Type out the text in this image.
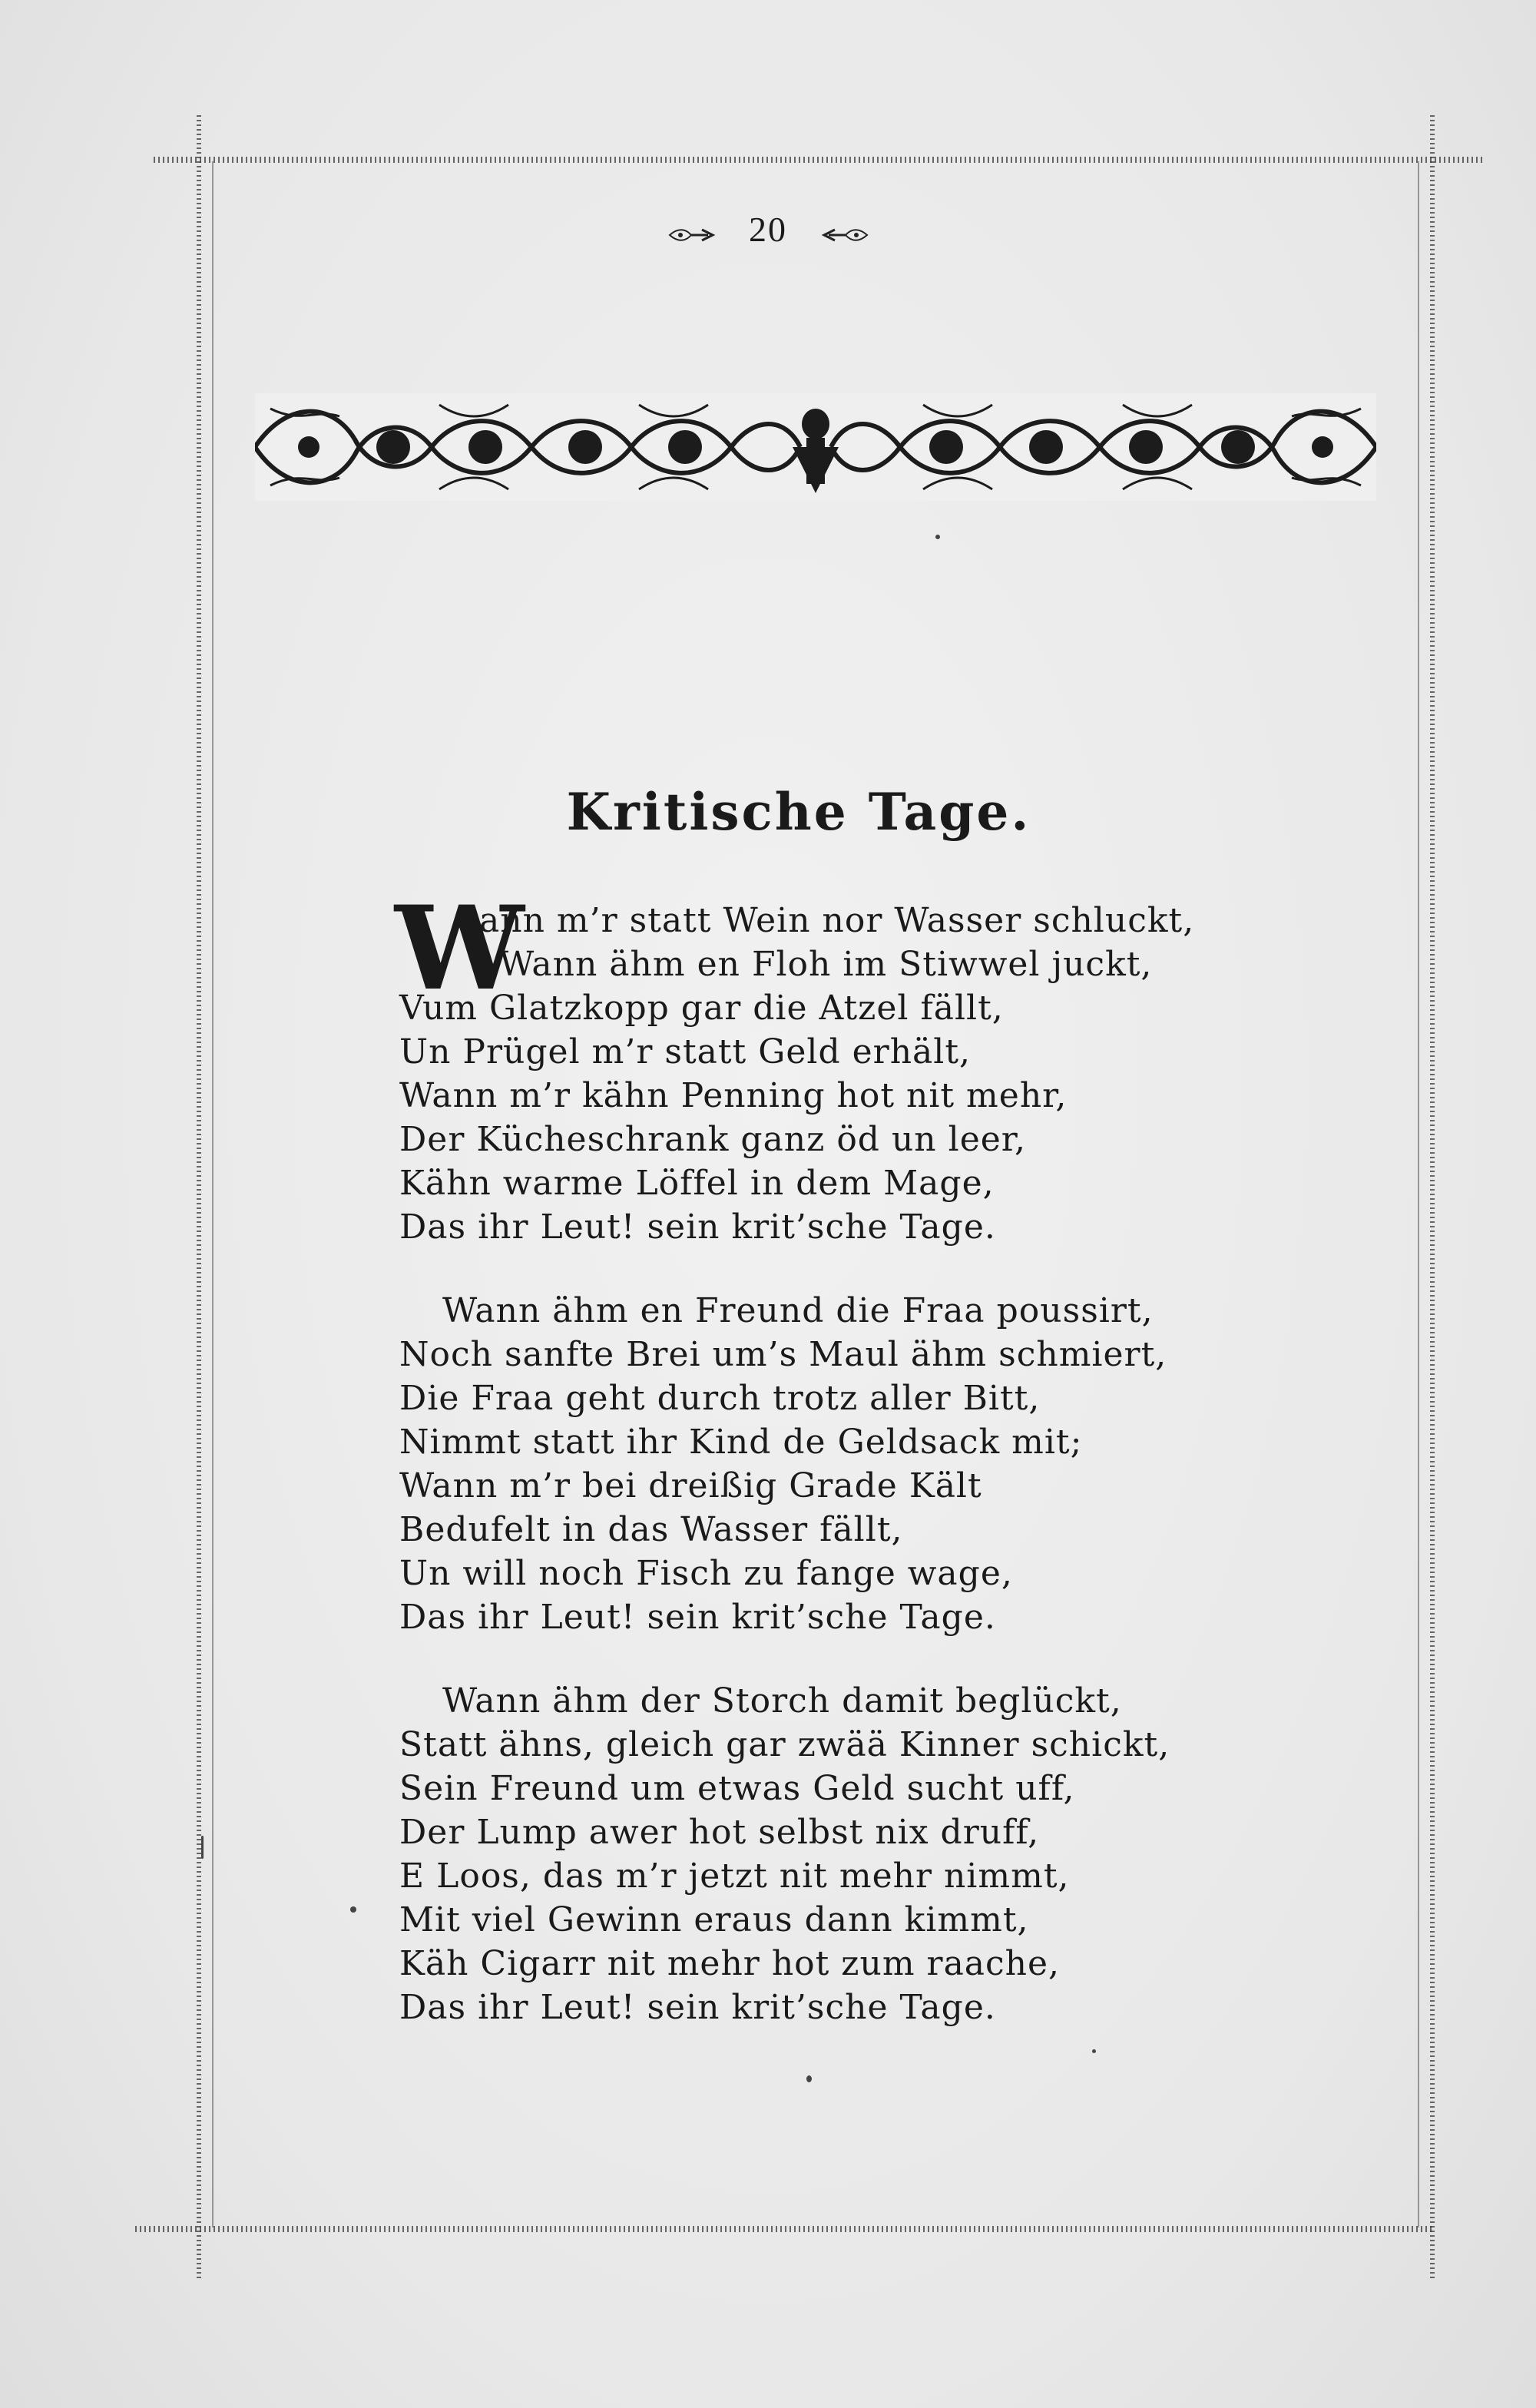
20
Kritische Tage.
W
ann m’r statt Wein nor Wasser schluckt,
Wann ähm en Floh im Stiwwel juckt,
Vum Glatzkopp gar die Atzel fällt,
Un Prügel m’r statt Geld erhält,
Wann m’r kähn Penning hot nit mehr,
Der Kücheschrank ganz öd un leer,
Kähn warme Löffel in dem Mage,
Das ihr Leut! sein krit’sche Tage.
Wann ähm en Freund die Fraa poussirt,
Noch sanfte Brei um’s Maul ähm schmiert,
Die Fraa geht durch trotz aller Bitt,
Nimmt statt ihr Kind de Geldsack mit;
Wann m’r bei dreißig Grade Kält
Bedufelt in das Wasser fällt,
Un will noch Fisch zu fange wage,
Das ihr Leut! sein krit’sche Tage.
Wann ähm der Storch damit beglückt,
Statt ähns, gleich gar zwää Kinner schickt,
Sein Freund um etwas Geld sucht uff,
Der Lump awer hot selbst nix druff,
E Loos, das m’r jetzt nit mehr nimmt,
Mit viel Gewinn eraus dann kimmt,
Käh Cigarr nit mehr hot zum raache,
Das ihr Leut! sein krit’sche Tage.
